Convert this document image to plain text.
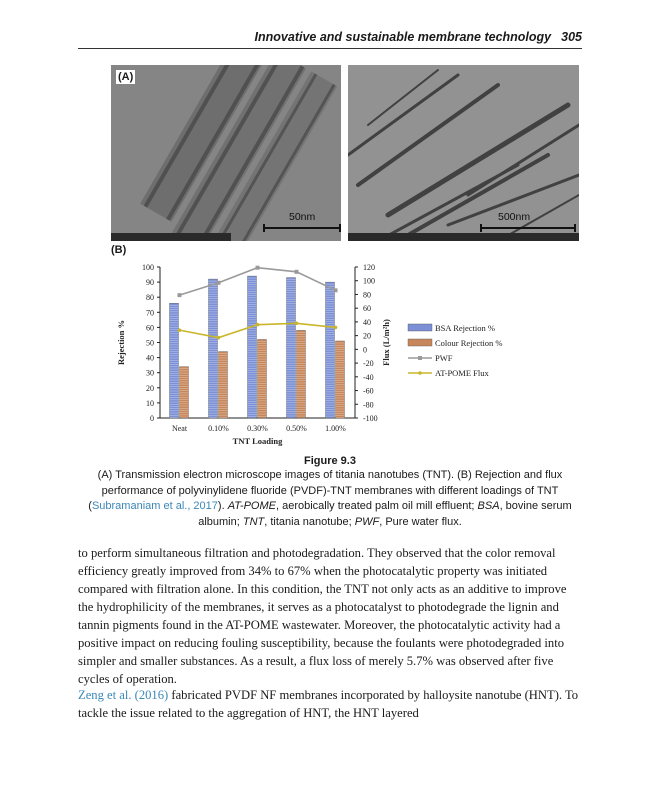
Innovative and sustainable membrane technology 305
(A)
50nm	500nm
(B)
100
90
80
70
60
50
40
30
20
10
0
120
100
80
60
40
20
0
-20
-40
-60
-80
-100
Neat	0.10% 0.30% 0.50% 1.00%
TNT Loading
Rejection %	Flux (L/m²h)	BSA Rejection %
Colour Rejection %
PWF
AT-POME Flux
Figure 9.3
(A) Transmission electron microscope images of titania nanotubes (TNT). (B) Rejection and flux performance of polyvinylidene fluoride (PVDF)-TNT membranes with different loadings of TNT (Subramaniam et al., 2017). AT-POME, aerobically treated palm oil mill effluent; BSA, bovine serum albumin; TNT, titania nanotube; PWF, Pure water flux.
to perform simultaneous filtration and photodegradation. They observed that the color removal efficiency greatly improved from 34% to 67% when the photocatalytic property was initiated compared with filtration alone. In this condition, the TNT not only acts as an additive to improve the hydrophilicity of the membranes, it serves as a photocatalyst to photodegrade the lignin and tannin pigments found in the AT-POME wastewater. Moreover, the photocatalytic activity had a positive impact on reducing fouling susceptibility, because the foulants were photodegraded into simpler and smaller substances. As a result, a flux loss of merely 5.7% was observed after five cycles of operation.
Zeng et al. (2016) fabricated PVDF NF membranes incorporated by halloysite nanotube (HNT). To tackle the issue related to the aggregation of HNT, the HNT layered
